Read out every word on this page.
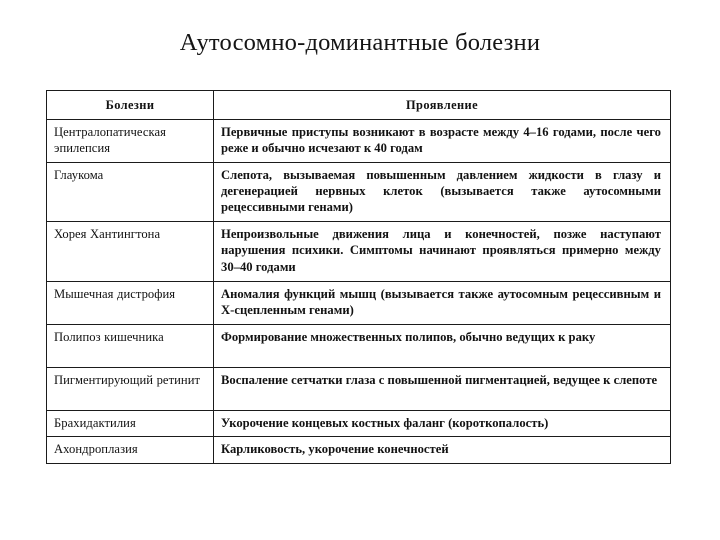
Аутосомно-доминантные болезни
Болезни	Проявление
Централопатическая эпилепсия	Первичные приступы возникают в возрасте между 4–16 годами, после чего реже и обычно исчезают к 40 годам
Глаукома	Слепота, вызываемая повышенным давлением жидкости в глазу и дегенерацией нервных клеток (вызывается также аутосомными рецессивными генами)
Хорея Хантингтона	Непроизвольные движения лица и конечностей, позже наступают нарушения психики. Симптомы начинают проявляться примерно между 30–40 годами
Мышечная дистрофия	Аномалия функций мышц (вызывается также аутосомным рецессивным и Х-сцепленным генами)
Полипоз кишечника	Формирование множественных полипов, обычно ведущих к раку
Пигментирующий ретинит	Воспаление сетчатки глаза с повышенной пигментацией, ведущее к слепоте
Брахидактилия	Укорочение концевых костных фаланг (короткопалость)
Ахондроплазия	Карликовость, укорочение конечностей
